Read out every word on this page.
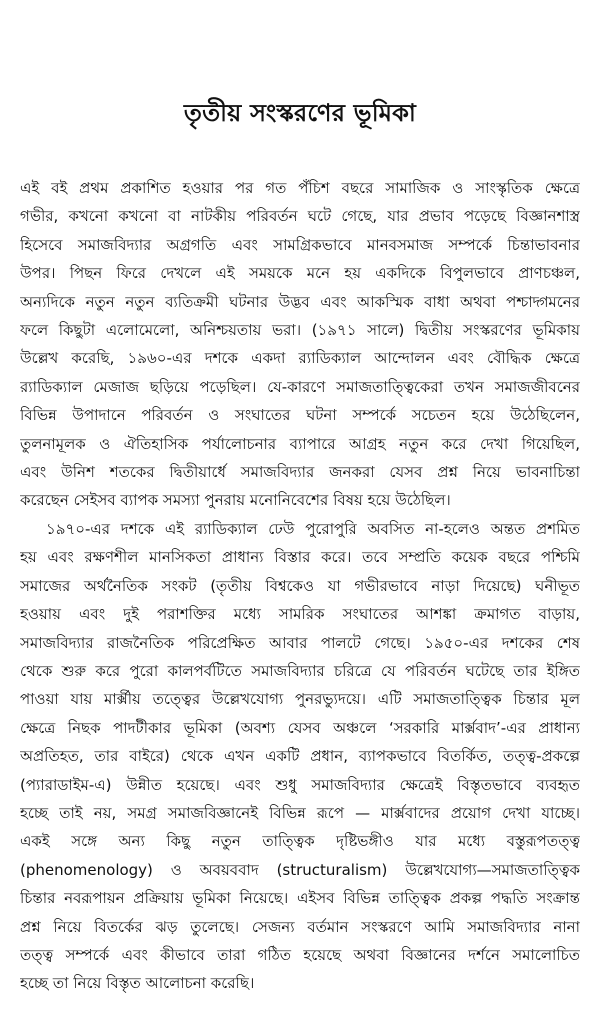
তৃতীয় সংস্করণের ভূমিকা
এই বই প্রথম প্রকাশিত হওয়ার পর গত পঁচিশ বছরে সামাজিক ও সাংস্কৃতিক ক্ষেত্রে
গভীর, কখনো কখনো বা নাটকীয় পরিবর্তন ঘটে গেছে, যার প্রভাব পড়েছে বিজ্ঞানশাস্ত্র
হিসেবে সমাজবিদ্যার অগ্রগতি এবং সামগ্রিকভাবে মানবসমাজ সম্পর্কে চিন্তাভাবনার
উপর। পিছন ফিরে দেখলে এই সময়কে মনে হয় একদিকে বিপুলভাবে প্রাণচঞ্চল,
অন্যদিকে নতুন নতুন ব্যতিক্রমী ঘটনার উদ্ভব এবং আকস্মিক বাধা অথবা পশ্চাদ্গমনের
ফলে কিছুটা এলোমেলো, অনিশ্চয়তায় ভরা। (১৯৭১ সালে) দ্বিতীয় সংস্করণের ভূমিকায়
উল্লেখ করেছি, ১৯৬০-এর দশকে একদা র‍্যাডিক্যাল আন্দোলন এবং বৌদ্ধিক ক্ষেত্রে
র‍্যাডিক্যাল মেজাজ ছড়িয়ে পড়েছিল। যে-কারণে সমাজতাত্ত্বিকেরা তখন সমাজজীবনের
বিভিন্ন উপাদানে পরিবর্তন ও সংঘাতের ঘটনা সম্পর্কে সচেতন হয়ে উঠেছিলেন,
তুলনামূলক ও ঐতিহাসিক পর্যালোচনার ব্যাপারে আগ্রহ নতুন করে দেখা গিয়েছিল,
এবং উনিশ শতকের দ্বিতীয়ার্ধে সমাজবিদ্যার জনকরা যেসব প্রশ্ন নিয়ে ভাবনাচিন্তা
করেছেন সেইসব ব্যাপক সমস্যা পুনরায় মনোনিবেশের বিষয় হয়ে উঠেছিল।
১৯৭০-এর দশকে এই র‍্যাডিক্যাল ঢেউ পুরোপুরি অবসিত না-হলেও অন্তত প্রশমিত
হয় এবং রক্ষণশীল মানসিকতা প্রাধান্য বিস্তার করে। তবে সম্প্রতি কয়েক বছরে পশ্চিমি
সমাজের অর্থনৈতিক সংকট (তৃতীয় বিশ্বকেও যা গভীরভাবে নাড়া দিয়েছে) ঘনীভূত
হওয়ায় এবং দুই পরাশক্তির মধ্যে সামরিক সংঘাতের আশঙ্কা ক্রমাগত বাড়ায়,
সমাজবিদ্যার রাজনৈতিক পরিপ্রেক্ষিত আবার পালটে গেছে। ১৯৫০-এর দশকের শেষ
থেকে শুরু করে পুরো কালপর্বটিতে সমাজবিদ্যার চরিত্রে যে পরিবর্তন ঘটেছে তার ইঙ্গিত
পাওয়া যায় মার্ক্সীয় তত্ত্বের উল্লেখযোগ্য পুনরভ্যুদয়ে। এটি সমাজতাত্ত্বিক চিন্তার মূল
ক্ষেত্রে নিছক পাদটীকার ভূমিকা (অবশ্য যেসব অঞ্চলে ‘সরকারি মার্ক্সবাদ’-এর প্রাধান্য
অপ্রতিহত, তার বাইরে) থেকে এখন একটি প্রধান, ব্যাপকভাবে বিতর্কিত, তত্ত্ব-প্রকল্পে
(প্যারাডাইম-এ) উন্নীত হয়েছে। এবং শুধু সমাজবিদ্যার ক্ষেত্রেই বিস্তৃতভাবে ব্যবহৃত
হচ্ছে তাই নয়, সমগ্র সমাজবিজ্ঞানেই বিভিন্ন রূপে — মার্ক্সবাদের প্রয়োগ দেখা যাচ্ছে।
একই সঙ্গে অন্য কিছু নতুন তাত্ত্বিক দৃষ্টিভঙ্গীও যার মধ্যে বস্তুরূপতত্ত্ব
(phenomenology) ও অবয়ববাদ (structuralism) উল্লেখযোগ্য—সমাজতাত্ত্বিক
চিন্তার নবরূপায়ন প্রক্রিয়ায় ভূমিকা নিয়েছে। এইসব বিভিন্ন তাত্ত্বিক প্রকল্প পদ্ধতি সংক্রান্ত
প্রশ্ন নিয়ে বিতর্কের ঝড় তুলেছে। সেজন্য বর্তমান সংস্করণে আমি সমাজবিদ্যার নানা
তত্ত্ব সম্পর্কে এবং কীভাবে তারা গঠিত হয়েছে অথবা বিজ্ঞানের দর্শনে সমালোচিত
হচ্ছে তা নিয়ে বিস্তৃত আলোচনা করেছি।
